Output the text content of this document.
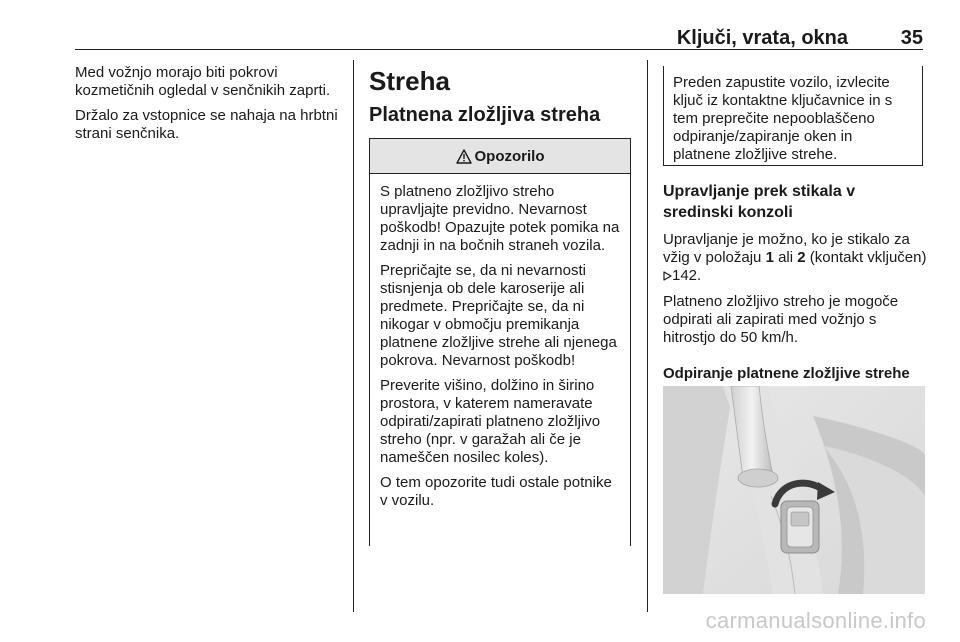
Ključi, vrata, okna	35

Med vožnjo morajo biti pokrovi kozmetičnih ogledal v senčnikih zaprti.

Držalo za vstopnice se nahaja na hrbtni strani senčnika.

Streha
Platnena zložljiva streha
Opozorilo

S platneno zložljivo streho upravljajte previdno. Nevarnost poškodb! Opazujte potek pomika na zadnji in na bočnih straneh vozila.

Prepričajte se, da ni nevarnosti stisnjenja ob dele karoserije ali predmete. Prepričajte se, da ni nikogar v območju premikanja platnene zložljive strehe ali njenega pokrova. Nevarnost poškodb!

Preverite višino, dolžino in širino prostora, v katerem nameravate odpirati/zapirati platneno zložljivo streho (npr. v garažah ali če je nameščen nosilec koles).

O tem opozorite tudi ostale potnike v vozilu.

Preden zapustite vozilo, izvlecite ključ iz kontaktne ključavnice in s tem preprečite nepooblaščeno odpiranje/zapiranje oken in platnene zložljive strehe.

Upravljanje prek stikala v sredinski konzoli

Upravljanje je možno, ko je stikalo za vžig v položaju 1 ali 2 (kontakt vključen) 142.

Platneno zložljivo streho je mogoče odpirati ali zapirati med vožnjo s hitrostjo do 50 km/h.

Odpiranje platnene zložljive strehe
carmanualsonline.info
